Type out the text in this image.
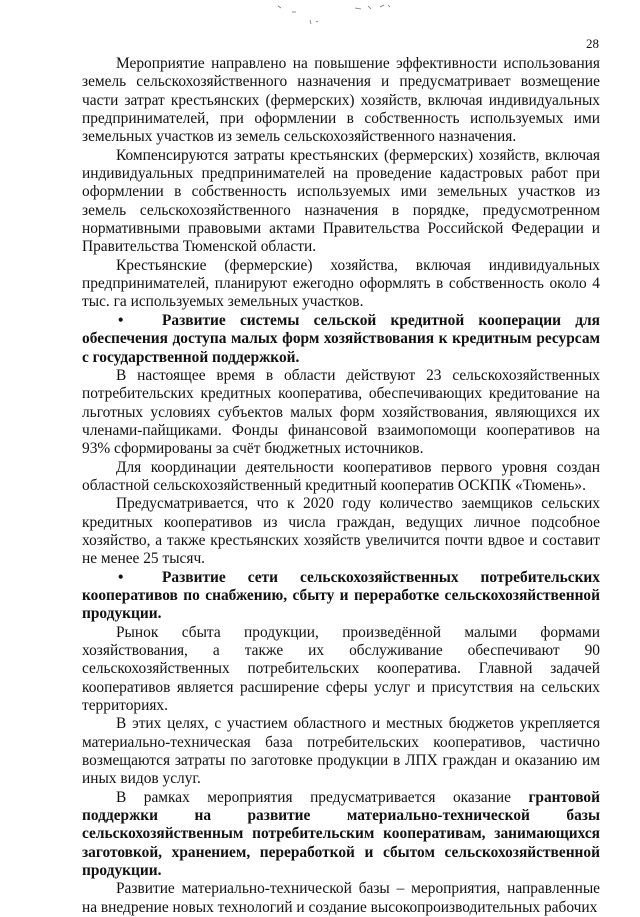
28

Мероприятие направлено на повышение эффективности использования земель сельскохозяйственного назначения и предусматривает возмещение части затрат крестьянских (фермерских) хозяйств, включая индивидуальных предпринимателей, при оформлении в собственность используемых ими земельных участков из земель сельскохозяйственного назначения.

Компенсируются затраты крестьянских (фермерских) хозяйств, включая индивидуальных предпринимателей на проведение кадастровых работ при оформлении в собственность используемых ими земельных участков из земель сельскохозяйственного назначения в порядке, предусмотренном нормативными правовыми актами Правительства Российской Федерации и Правительства Тюменской области.

Крестьянские (фермерские) хозяйства, включая индивидуальных предпринимателей, планируют ежегодно оформлять в собственность около 4 тыс. га используемых земельных участков.

•	Развитие системы сельской кредитной кооперации для обеспечения доступа малых форм хозяйствования к кредитным ресурсам с государственной поддержкой.

В настоящее время в области действуют 23 сельскохозяйственных потребительских кредитных кооператива, обеспечивающих кредитование на льготных условиях субъектов малых форм хозяйствования, являющихся их членами-пайщиками. Фонды финансовой взаимопомощи кооперативов на 93% сформированы за счёт бюджетных источников.

Для координации деятельности кооперативов первого уровня создан областной сельскохозяйственный кредитный кооператив ОСКПК «Тюмень».

Предусматривается, что к 2020 году количество заемщиков сельских кредитных кооперативов из числа граждан, ведущих личное подсобное хозяйство, а также крестьянских хозяйств увеличится почти вдвое и составит не менее 25 тысяч.

•	Развитие сети сельскохозяйственных потребительских кооперативов по снабжению, сбыту и переработке сельскохозяйственной продукции.

Рынок сбыта продукции, произведённой малыми формами хозяйствования, а также их обслуживание обеспечивают 90 сельскохозяйственных потребительских кооператива. Главной задачей кооперативов является расширение сферы услуг и присутствия на сельских территориях.

В этих целях, с участием областного и местных бюджетов укрепляется материально-техническая база потребительских кооперативов, частично возмещаются затраты по заготовке продукции в ЛПХ граждан и оказанию им иных видов услуг.

В рамках мероприятия предусматривается оказание грантовой поддержки на развитие материально-технической базы сельскохозяйственным потребительским кооперативам, занимающихся заготовкой, хранением, переработкой и сбытом сельскохозяйственной продукции.

Развитие материально-технической базы – мероприятия, направленные на внедрение новых технологий и создание высокопроизводительных рабочих
